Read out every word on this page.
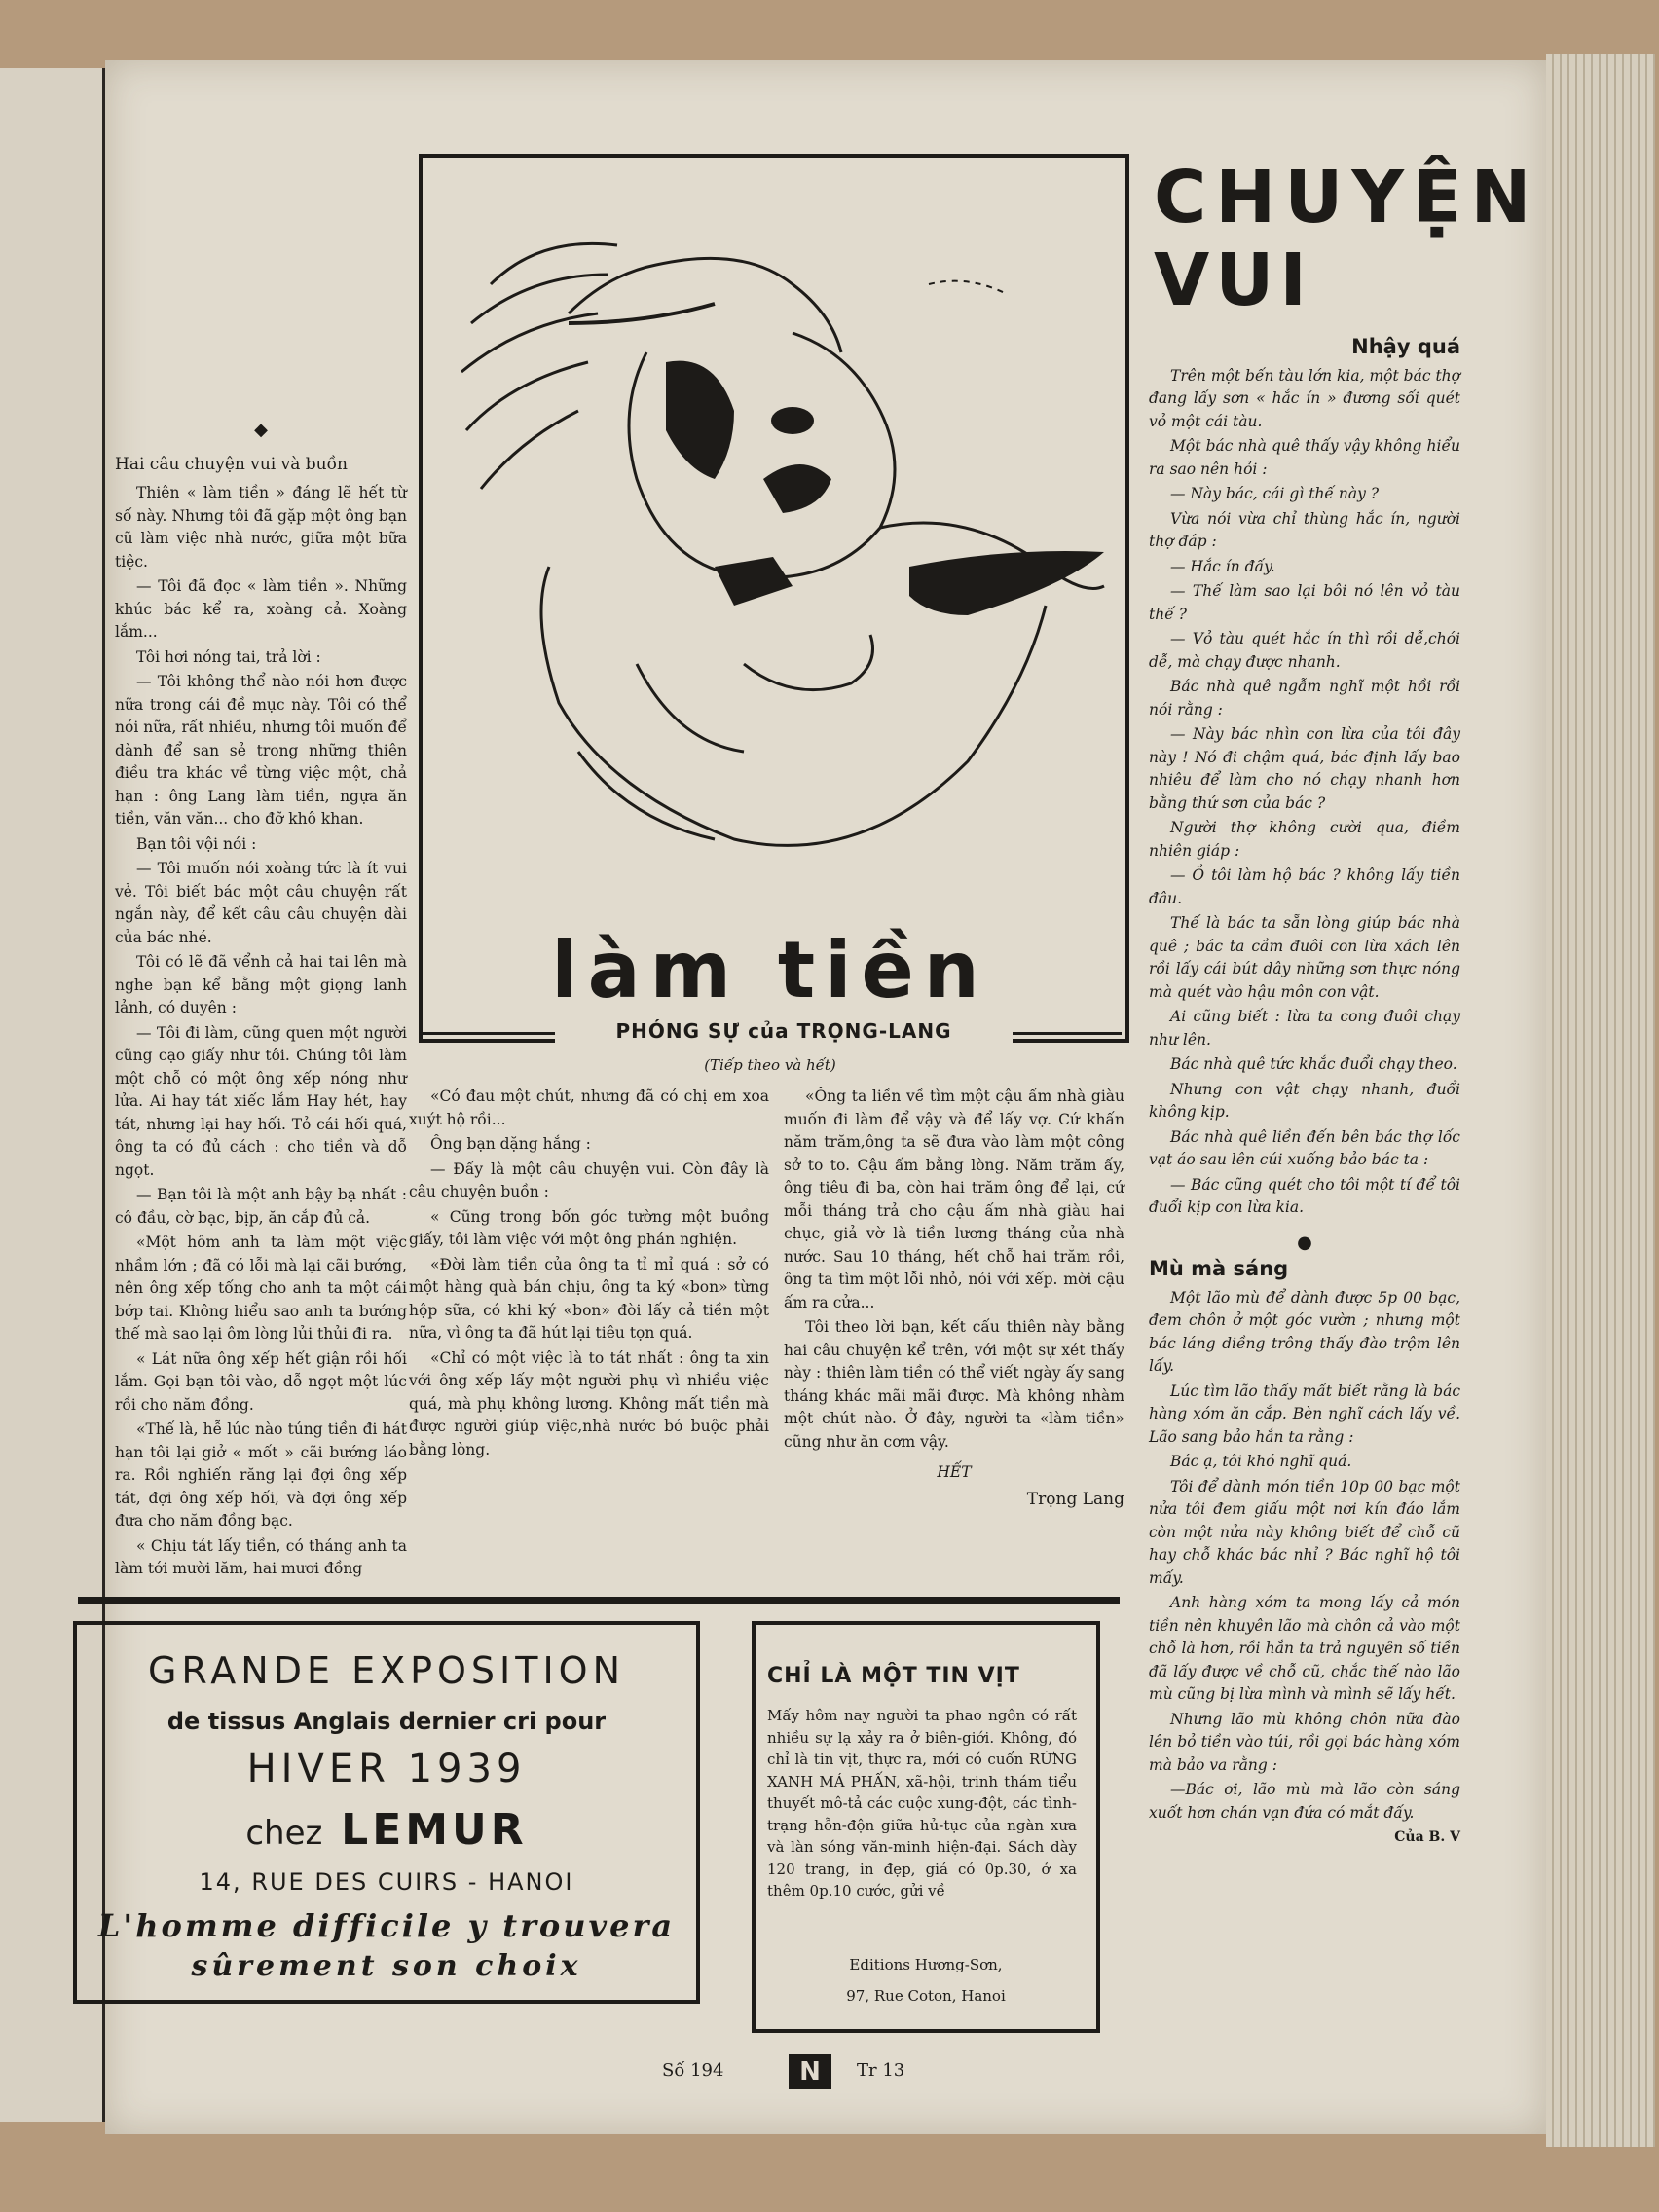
◆
Hai câu chuyện vui và buồn

Thiên « làm tiền » đáng lẽ hết từ số này. Nhưng tôi đã gặp một ông bạn cũ làm việc nhà nước, giữa một bữa tiệc.

— Tôi đã đọc « làm tiền ». Những khúc bác kể ra, xoàng cả. Xoàng lắm...

Tôi hơi nóng tai, trả lời :

— Tôi không thể nào nói hơn được nữa trong cái đề mục này. Tôi có thể nói nữa, rất nhiều, nhưng tôi muốn để dành để san sẻ trong những thiên điều tra khác về từng việc một, chả hạn : ông Lang làm tiền, ngựa ăn tiền, văn văn... cho đỡ khô khan.

Bạn tôi vội nói :

— Tôi muốn nói xoàng tức là ít vui vẻ. Tôi biết bác một câu chuyện rất ngắn này, để kết câu câu chuyện dài của bác nhé.

Tôi có lẽ đã vểnh cả hai tai lên mà nghe bạn kể bằng một giọng lanh lảnh, có duyên :

— Tôi đi làm, cũng quen một người cũng cạo giấy như tôi. Chúng tôi làm một chỗ có một ông xếp nóng như lửa. Ai hay tát xiếc lắm Hay hét, hay tát, nhưng lại hay hối. Tỏ cái hối quá, ông ta có đủ cách : cho tiền và dỗ ngọt.

— Bạn tôi là một anh bậy bạ nhất : cô đầu, cờ bạc, bịp, ăn cắp đủ cả.

«Một hôm anh ta làm một việc nhầm lớn ; đã có lỗi mà lại cãi bướng, nên ông xếp tống cho anh ta một cái bớp tai. Không hiểu sao anh ta bướng thế mà sao lại ôm lòng lủi thủi đi ra.

« Lát nữa ông xếp hết giận rồi hối lắm. Gọi bạn tôi vào, dỗ ngọt một lúc rồi cho năm đồng.

«Thế là, hễ lúc nào túng tiền đi hát hạn tôi lại giở « mốt » cãi bướng láo ra. Rồi nghiến răng lại đợi ông xếp tát, đợi ông xếp hối, và đợi ông xếp đưa cho năm đồng bạc.

« Chịu tát lấy tiền, có tháng anh ta làm tới mười lăm, hai mươi đồng

làm tiền
PHÓNG SỰ của TRỌNG-LANG
(Tiếp theo và hết)

«Có đau một chút, nhưng đã có chị em xoa xuýt hộ rồi...

Ông bạn dặng hắng :

— Đấy là một câu chuyện vui. Còn đây là câu chuyện buồn :

« Cũng trong bốn góc tường một buồng giấy, tôi làm việc với một ông phán nghiện.

«Đời làm tiền của ông ta tỉ mỉ quá : sở có một hàng quà bán chịu, ông ta ký «bon» từng hộp sữa, có khi ký «bon» đòi lấy cả tiền một nữa, vì ông ta đã hút lại tiêu tọn quá.

«Chỉ có một việc là to tát nhất : ông ta xin với ông xếp lấy một người phụ vì nhiều việc quá, mà phụ không lương. Không mất tiền mà được người giúp việc,nhà nước bó buộc phải bằng lòng.

«Ông ta liền về tìm một cậu ấm nhà giàu muốn đi làm để vậy và để lấy vợ. Cứ khấn năm trăm,ông ta sẽ đưa vào làm một công sở to to. Cậu ấm bằng lòng. Năm trăm ấy, ông tiêu đi ba, còn hai trăm ông để lại, cứ mỗi tháng trả cho cậu ấm nhà giàu hai chục, giả vờ là tiền lương tháng của nhà nước. Sau 10 tháng, hết chỗ hai trăm rồi, ông ta tìm một lỗi nhỏ, nói với xếp. mời cậu ấm ra cửa...

Tôi theo lời bạn, kết cấu thiên này bằng hai câu chuyện kể trên, với một sự xét thấy này : thiên làm tiền có thể viết ngày ấy sang tháng khác mãi mãi được. Mà không nhàm một chút nào. Ở đây, người ta «làm tiền» cũng như ăn cơm vậy.

HẾT
Trọng Lang
CHUYỆN
VUI
Nhậy quá

Trên một bến tàu lớn kia, một bác thợ đang lấy sơn « hắc ín » đương sối quét vỏ một cái tàu.

Một bác nhà quê thấy vậy không hiểu ra sao nên hỏi :

— Này bác, cái gì thế này ?

Vừa nói vừa chỉ thùng hắc ín, người thợ đáp :

— Hắc ín đấy.

— Thế làm sao lại bôi nó lên vỏ tàu thế ?

— Vỏ tàu quét hắc ín thì rồi dễ,chói dễ, mà chạy được nhanh.

Bác nhà quê ngẫm nghĩ một hồi rồi nói rằng :

— Này bác nhìn con lừa của tôi đây này ! Nó đi chậm quá, bác định lấy bao nhiêu để làm cho nó chạy nhanh hơn bằng thứ sơn của bác ?

Người thợ không cười qua, điềm nhiên giáp :

— Ồ tôi làm hộ bác ? không lấy tiền đâu.

Thế là bác ta sẵn lòng giúp bác nhà quê ; bác ta cầm đuôi con lừa xách lên rồi lấy cái bút dây những sơn thực nóng mà quét vào hậu môn con vật.

Ai cũng biết : lừa ta cong đuôi chạy như lên.

Bác nhà quê tức khắc đuổi chạy theo.

Nhưng con vật chạy nhanh, đuổi không kịp.

Bác nhà quê liền đến bên bác thợ lốc vạt áo sau lên cúi xuống bảo bác ta :

— Bác cũng quét cho tôi một tí để tôi đuổi kịp con lừa kia.

●
Mù mà sáng

Một lão mù để dành được 5p 00 bạc, đem chôn ở một góc vườn ; nhưng một bác láng diềng trông thấy đào trộm lên lấy.

Lúc tìm lão thấy mất biết rằng là bác hàng xóm ăn cắp. Bèn nghĩ cách lấy về. Lão sang bảo hắn ta rằng :

Bác ạ, tôi khó nghĩ quá.

Tôi để dành món tiền 10p 00 bạc một nửa tôi đem giấu một nơi kín đáo lắm còn một nửa này không biết để chỗ cũ hay chỗ khác bác nhỉ ? Bác nghĩ hộ tôi mấy.

Anh hàng xóm ta mong lấy cả món tiền nên khuyên lão mà chôn cả vào một chỗ là hơn, rồi hắn ta trả nguyên số tiền đã lấy được về chỗ cũ, chắc thế nào lão mù cũng bị lừa mình và mình sẽ lấy hết.

Nhưng lão mù không chôn nữa đào lên bỏ tiền vào túi, rồi gọi bác hàng xóm mà bảo va rằng :

—Bác ơi, lão mù mà lão còn sáng xuốt hơn chán vạn đứa có mắt đấy.

Của B. V
GRANDE EXPOSITION
de tissus Anglais dernier cri pour
HIVER 1939
chez LEMUR
14, RUE DES CUIRS - HANOI
L'homme difficile y trouvera
sûrement son choix
CHỈ LÀ MỘT TIN VỊT
Mấy hôm nay người ta phao ngôn có rất nhiều sự lạ xảy ra ở biên-giới. Không, đó chỉ là tin vịt, thực ra, mới có cuốn RỪNG XANH MÁ PHẤN, xã-hội, trinh thám tiểu thuyết mô-tả các cuộc xung-đột, các tình-trạng hỗn-độn giữa hủ-tục của ngàn xưa và làn sóng văn-minh hiện-đại. Sách dày 120 trang, in đẹp, giá có 0p.30, ở xa thêm 0p.10 cước, gửi về
Editions Hương-Sơn,
97, Rue Coton, Hanoi
Số 194	N	Tr 13
